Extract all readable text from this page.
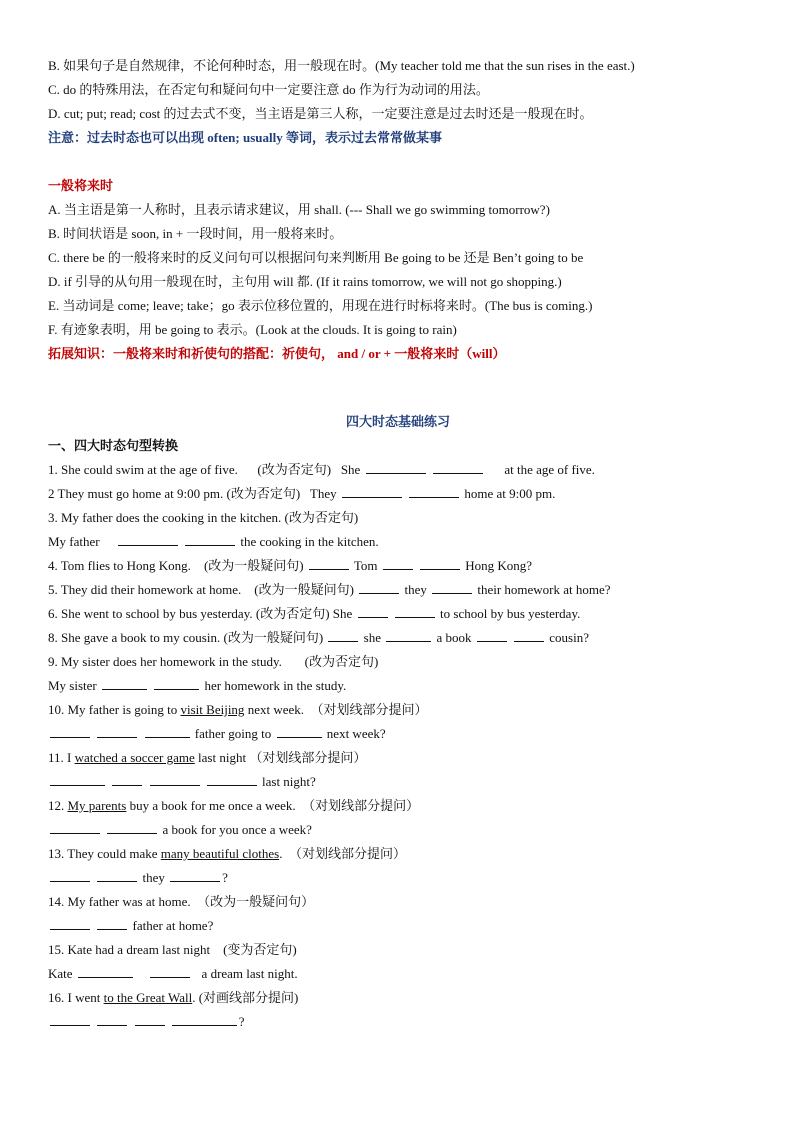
B. 如果句子是自然规律，不论何种时态，用一般现在时。(My teacher told me that the sun rises in the east.)
C. do 的特殊用法，在否定句和疑问句中一定要注意 do 作为行为动词的用法。
D. cut; put; read; cost 的过去式不变，当主语是第三人称，一定要注意是过去时还是一般现在时。
注意：过去时态也可以出现 often; usually 等词，表示过去常常做某事
一般将来时
A. 当主语是第一人称时，且表示请求建议，用 shall. (--- Shall we go swimming tomorrow?)
B. 时间状语是 soon, in + 一段时间，用一般将来时。
C. there be 的一般将来时的反义问句可以根据问句来判断用 Be going to be 还是 Ben’t going to be
D. if 引导的从句用一般现在时，主句用 will 都. (If it rains tomorrow, we will not go shopping.)
E. 当动词是 come; leave; take；go 表示位移位置的，用现在进行时标将来时。(The bus is coming.)
F. 有迹象表明，用 be going to 表示。(Look at the clouds. It is going to rain)
拓展知识：一般将来时和祈使句的搭配：祈使句， and / or + 一般将来时（will）
四大时态基础练习
一、四大时态句型转换
1. She could swim at the age of five. (改为否定句) She	at the age of five.
2 They must go home at 9:00 pm. (改为否定句) They	home at 9:00 pm.
3. My father does the cooking in the kitchen. (改为否定句)
My father	the cooking in the kitchen.
4. Tom flies to Hong Kong. (改为一般疑问句)	Tom	Hong Kong?
5. They did their homework at home. (改为一般疑问句)	they	their homework at home?
6. She went to school by bus yesterday. (改为否定句) She	to school by bus yesterday.
8. She gave a book to my cousin. (改为一般疑问句)	she	a book	cousin?
9. My sister does her homework in the study. (改为否定句)
My sister	her homework in the study.
10. My father is going to visit Beijing next week. （对划线部分提问）
father going to	next week?
11. I watched a soccer game last night （对划线部分提问）
last night?
12. My parents buy a book for me once a week. （对划线部分提问）
a book for you once a week?
13. They could make many beautiful clothes. （对划线部分提问）
they	?
14. My father was at home. （改为一般疑问句）
father at home?
15. Kate had a dream last night (变为否定句)
Kate	a dream last night.
16. I went to the Great Wall. (对画线部分提问)
?
